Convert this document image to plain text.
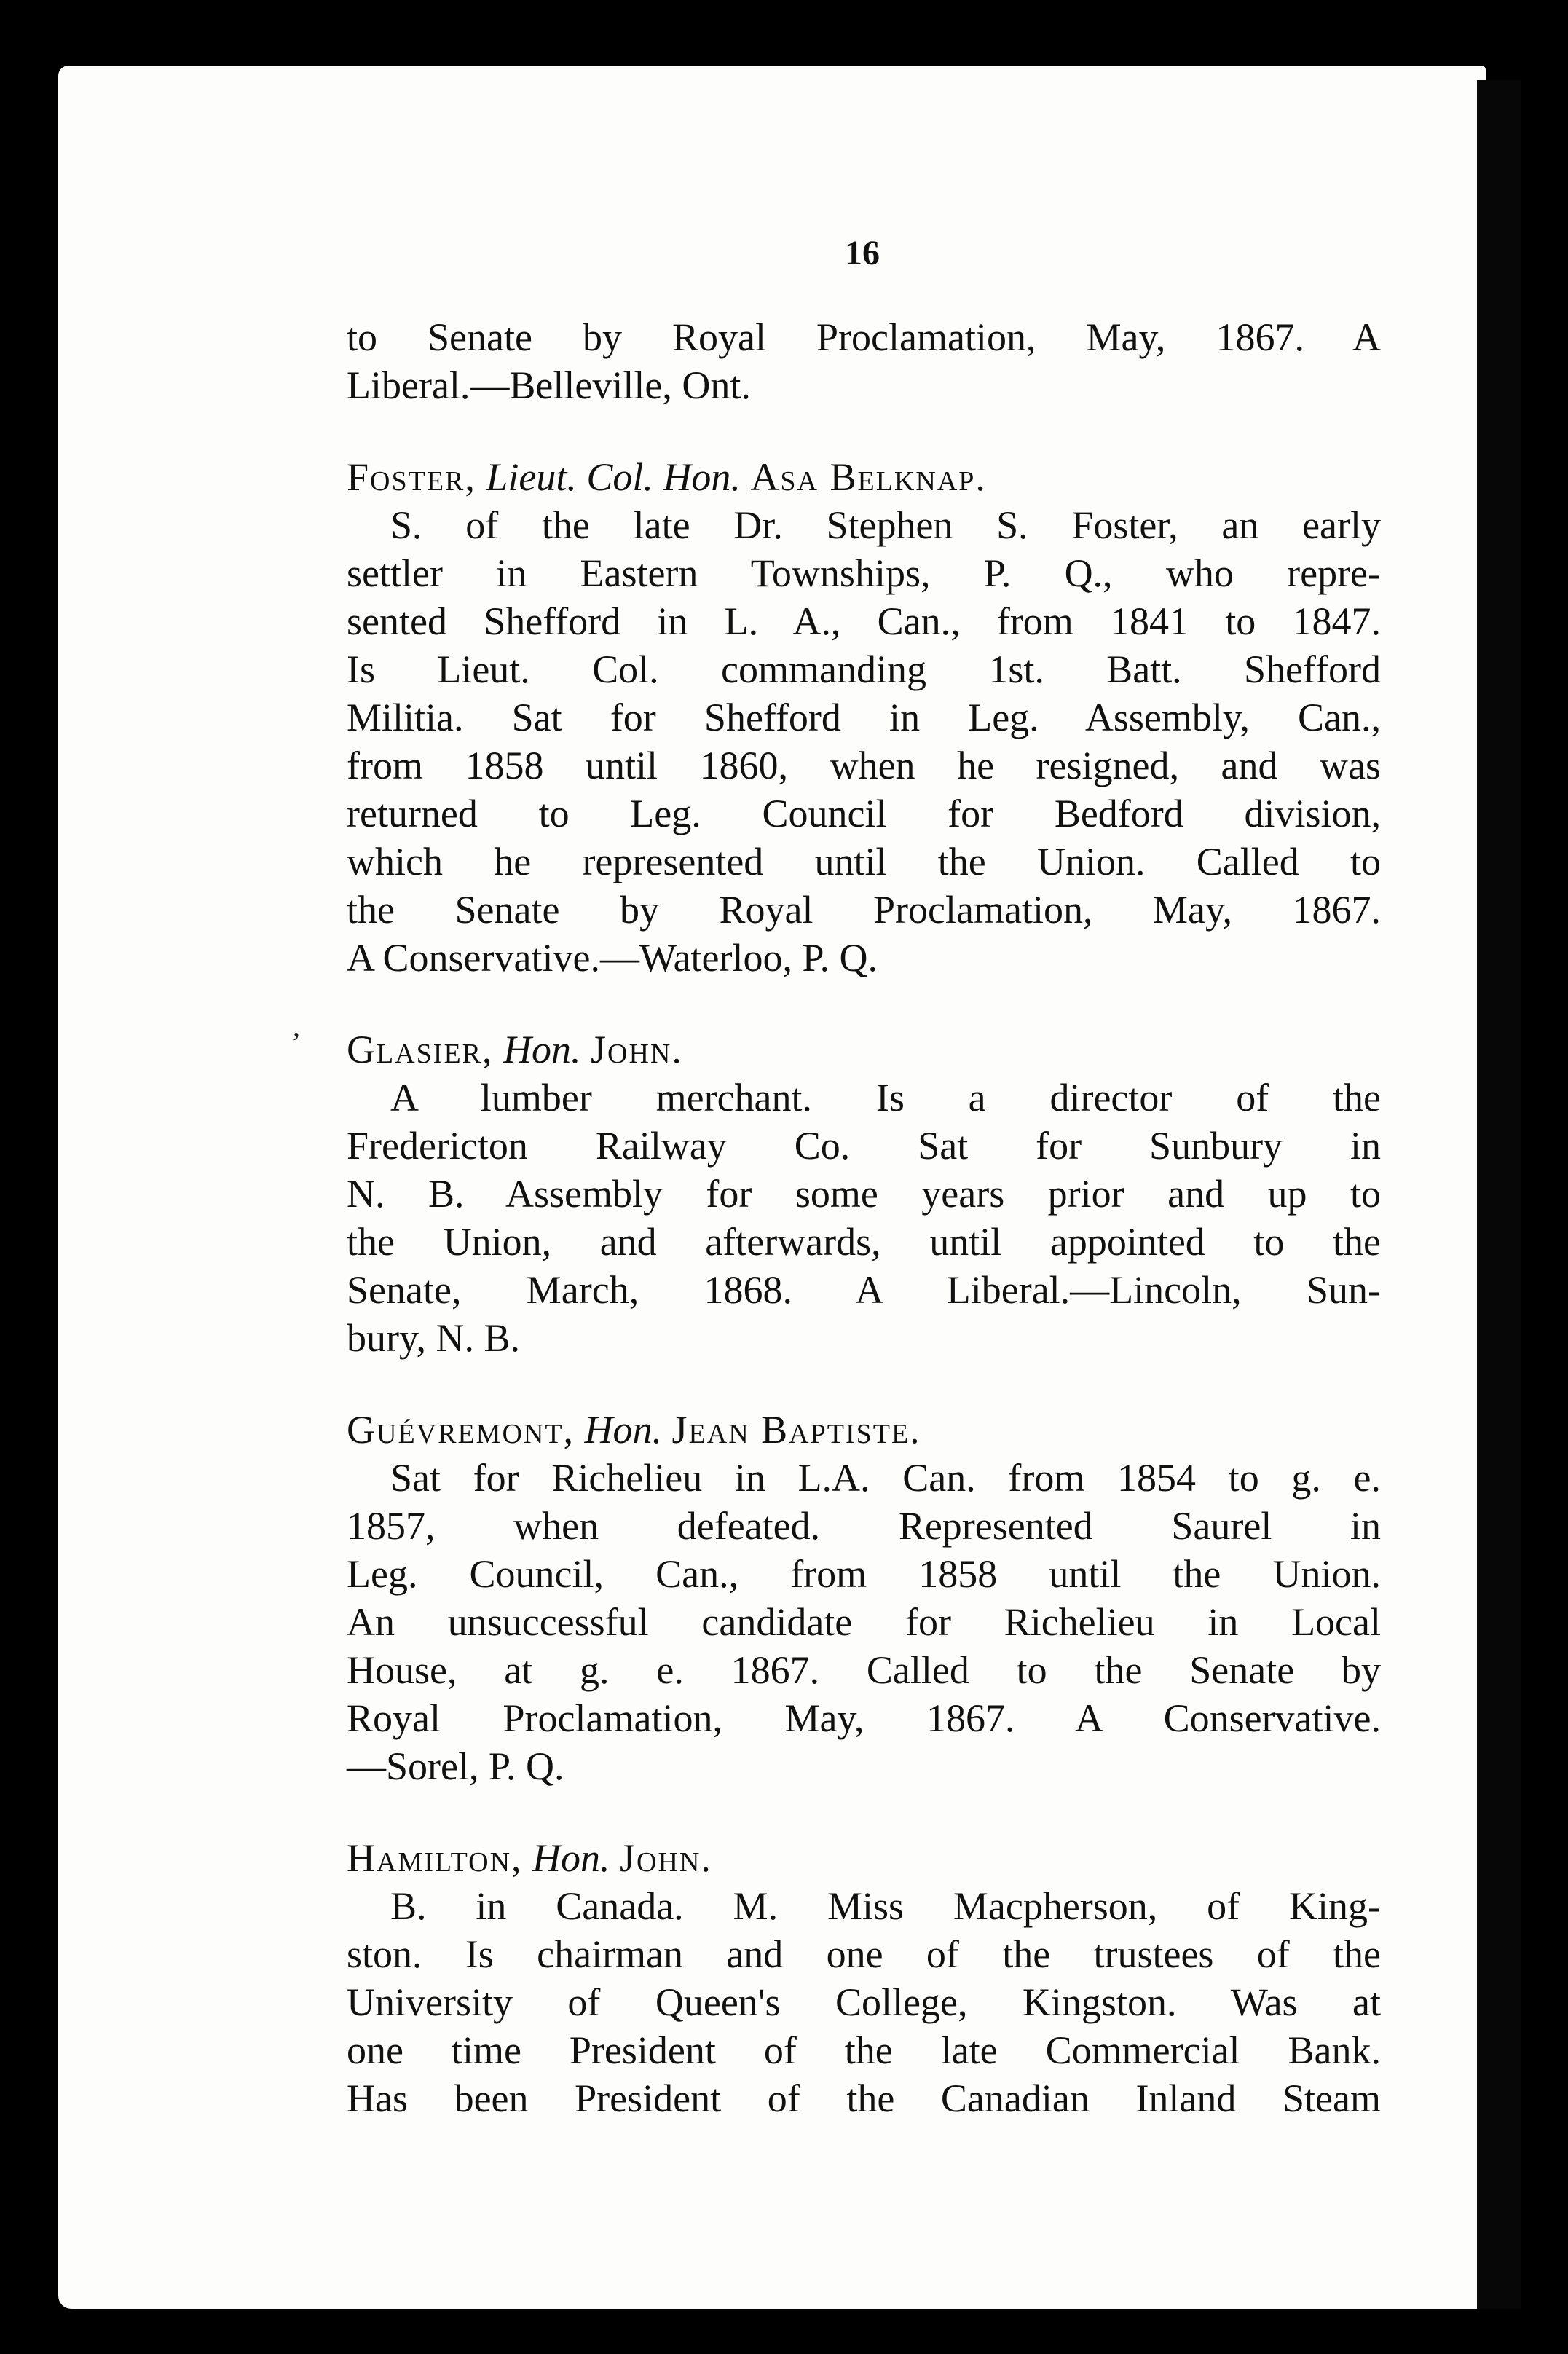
‚
16
to Senate by Royal Proclamation, May, 1867. A
Liberal.—Belleville, Ont.
Foster, Lieut. Col. Hon. Asa Belknap.
S. of the late Dr. Stephen S. Foster, an early
settler in Eastern Townships, P. Q., who repre-
sented Shefford in L. A., Can., from 1841 to 1847.
Is Lieut. Col. commanding 1st. Batt. Shefford
Militia. Sat for Shefford in Leg. Assembly, Can.,
from 1858 until 1860, when he resigned, and was
returned to Leg. Council for Bedford division,
which he represented until the Union. Called to
the Senate by Royal Proclamation, May, 1867.
A Conservative.—Waterloo, P. Q.
Glasier, Hon. John.
A lumber merchant. Is a director of the
Fredericton Railway Co. Sat for Sunbury in
N. B. Assembly for some years prior and up to
the Union, and afterwards, until appointed to the
Senate, March, 1868. A Liberal.—Lincoln, Sun-
bury, N. B.
Guévremont, Hon. Jean Baptiste.
Sat for Richelieu in L.A. Can. from 1854 to g. e.
1857, when defeated. Represented Saurel in
Leg. Council, Can., from 1858 until the Union.
An unsuccessful candidate for Richelieu in Local
House, at g. e. 1867. Called to the Senate by
Royal Proclamation, May, 1867. A Conservative.
—Sorel, P. Q.
Hamilton, Hon. John.
B. in Canada. M. Miss Macpherson, of King-
ston. Is chairman and one of the trustees of the
University of Queen's College, Kingston. Was at
one time President of the late Commercial Bank.
Has been President of the Canadian Inland Steam
